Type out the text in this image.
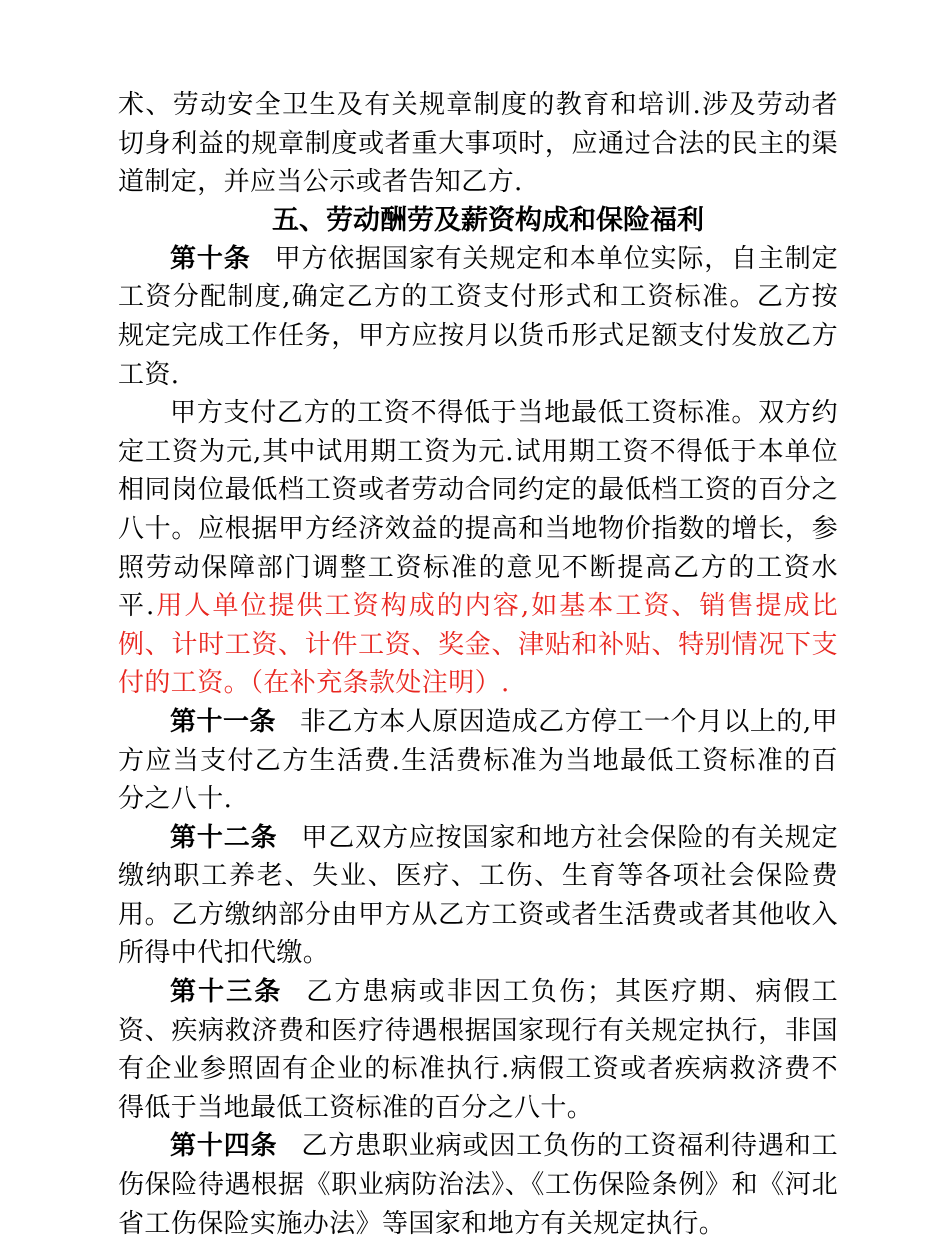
术、劳动安全卫生及有关规章制度的教育和培训.涉及劳动者切身利益的规章制度或者重大事项时，应通过合法的民主的渠道制定，并应当公示或者告知乙方.

五、劳动酬劳及薪资构成和保险福利

第十条 甲方依据国家有关规定和本单位实际，自主制定工资分配制度,确定乙方的工资支付形式和工资标准。乙方按规定完成工作任务，甲方应按月以货币形式足额支付发放乙方工资.

甲方支付乙方的工资不得低于当地最低工资标准。双方约定工资为元,其中试用期工资为元.试用期工资不得低于本单位相同岗位最低档工资或者劳动合同约定的最低档工资的百分之八十。应根据甲方经济效益的提高和当地物价指数的增长，参照劳动保障部门调整工资标准的意见不断提高乙方的工资水平.用人单位提供工资构成的内容,如基本工资、销售提成比例、计时工资、计件工资、奖金、津贴和补贴、特别情况下支付的工资。（在补充条款处注明）.

第十一条 非乙方本人原因造成乙方停工一个月以上的,甲方应当支付乙方生活费.生活费标准为当地最低工资标准的百分之八十.

第十二条 甲乙双方应按国家和地方社会保险的有关规定缴纳职工养老、失业、医疗、工伤、生育等各项社会保险费用。乙方缴纳部分由甲方从乙方工资或者生活费或者其他收入所得中代扣代缴。

第十三条 乙方患病或非因工负伤；其医疗期、病假工资、疾病救济费和医疗待遇根据国家现行有关规定执行，非国有企业参照固有企业的标准执行.病假工资或者疾病救济费不得低于当地最低工资标准的百分之八十。

第十四条 乙方患职业病或因工负伤的工资福利待遇和工伤保险待遇根据《职业病防治法》、《工伤保险条例》和《河北省工伤保险实施办法》等国家和地方有关规定执行。
